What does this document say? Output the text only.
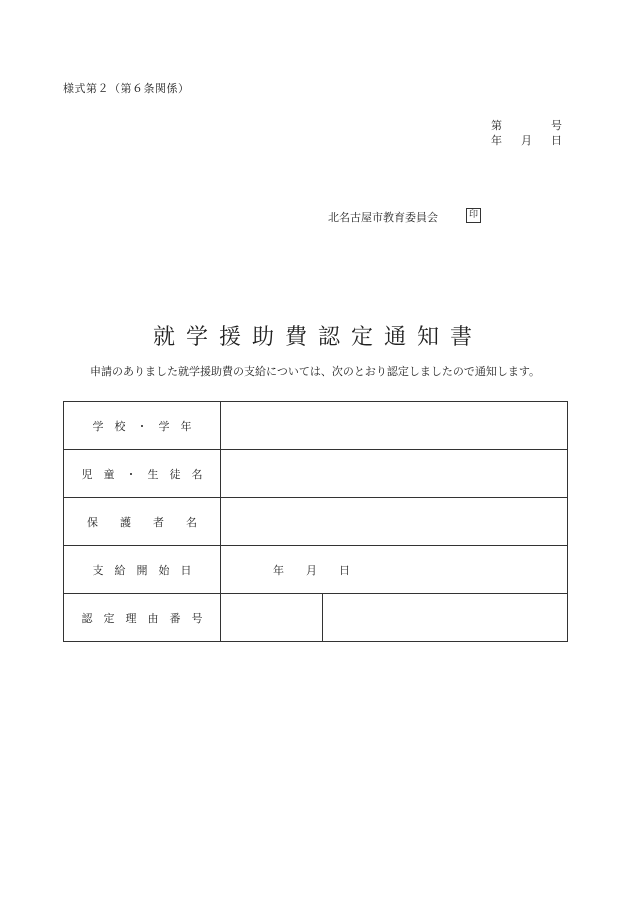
様式第２（第６条関係）
第	号
年 月 日
北名古屋市教育委員会	印
就学援助費認定通知書
申請のありました就学援助費の支給については、次のとおり認定しましたので通知します。
学　校　・　学　年		
児　童　・　生　徒　名		
保　　護　　者　　名		
支　給　開　始　日	年　　月　　日	
認　定　理　由　番　号		
